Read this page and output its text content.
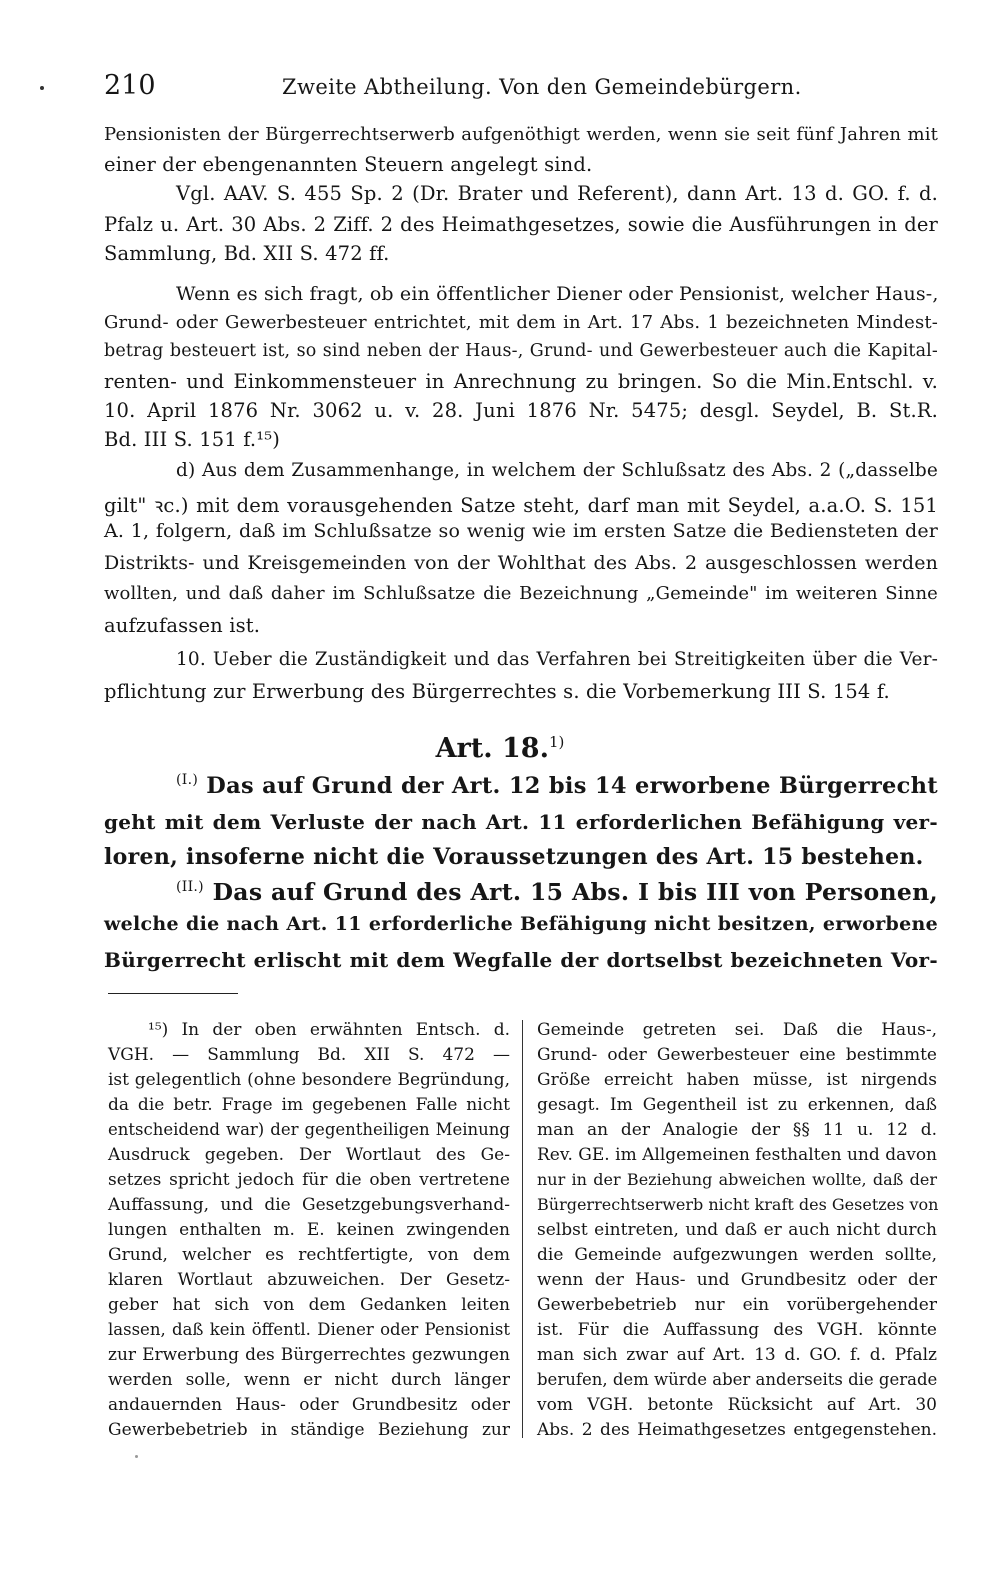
210	Zweite Abtheilung. Von den Gemeindebürgern.
Pensionisten der Bürgerrechtserwerb aufgenöthigt werden, wenn sie seit fünf Jahren mit
einer der ebengenannten Steuern angelegt sind.
Vgl. AAV. S. 455 Sp. 2 (Dr. Brater und Referent), dann Art. 13 d. GO. f. d.
Pfalz u. Art. 30 Abs. 2 Ziff. 2 des Heimathgesetzes, sowie die Ausführungen in der
Sammlung, Bd. XII S. 472 ff.
Wenn es sich fragt, ob ein öffentlicher Diener oder Pensionist, welcher Haus-,
Grund- oder Gewerbesteuer entrichtet, mit dem in Art. 17 Abs. 1 bezeichneten Mindest-
betrag besteuert ist, so sind neben der Haus-, Grund- und Gewerbesteuer auch die Kapital-
renten- und Einkommensteuer in Anrechnung zu bringen. So die Min.Entschl. v.
10. April 1876 Nr. 3062 u. v. 28. Juni 1876 Nr. 5475; desgl. Seydel, B. St.R.
Bd. III S. 151 f.¹⁵)
d) Aus dem Zusammenhange, in welchem der Schlußsatz des Abs. 2 („dasselbe
gilt" ꝛc.) mit dem vorausgehenden Satze steht, darf man mit Seydel, a.a.O. S. 151
A. 1, folgern, daß im Schlußsatze so wenig wie im ersten Satze die Bediensteten der
Distrikts- und Kreisgemeinden von der Wohlthat des Abs. 2 ausgeschlossen werden
wollten, und daß daher im Schlußsatze die Bezeichnung „Gemeinde" im weiteren Sinne
aufzufassen ist.
10. Ueber die Zuständigkeit und das Verfahren bei Streitigkeiten über die Ver-
pflichtung zur Erwerbung des Bürgerrechtes s. die Vorbemerkung III S. 154 f.
Art. 18.$^{1)}$
$^{(I.)}$ Das auf Grund der Art. 12 bis 14 erworbene Bürgerrecht
geht mit dem Verluste der nach Art. 11 erforderlichen Befähigung ver-
loren, insoferne nicht die Voraussetzungen des Art. 15 bestehen.
$^{(II.)}$ Das auf Grund des Art. 15 Abs. I bis III von Personen,
welche die nach Art. 11 erforderliche Befähigung nicht besitzen, erworbene
Bürgerrecht erlischt mit dem Wegfalle der dortselbst bezeichneten Vor-
¹⁵) In der oben erwähnten Entsch. d.
VGH. — Sammlung Bd. XII S. 472 —
ist gelegentlich (ohne besondere Begründung,
da die betr. Frage im gegebenen Falle nicht
entscheidend war) der gegentheiligen Meinung
Ausdruck gegeben. Der Wortlaut des Ge-
setzes spricht jedoch für die oben vertretene
Auffassung, und die Gesetzgebungsverhand-
lungen enthalten m. E. keinen zwingenden
Grund, welcher es rechtfertigte, von dem
klaren Wortlaut abzuweichen. Der Gesetz-
geber hat sich von dem Gedanken leiten
lassen, daß kein öffentl. Diener oder Pensionist
zur Erwerbung des Bürgerrechtes gezwungen
werden solle, wenn er nicht durch länger
andauernden Haus- oder Grundbesitz oder
Gewerbebetrieb in ständige Beziehung zur
Gemeinde getreten sei. Daß die Haus-,
Grund- oder Gewerbesteuer eine bestimmte
Größe erreicht haben müsse, ist nirgends
gesagt. Im Gegentheil ist zu erkennen, daß
man an der Analogie der §§ 11 u. 12 d.
Rev. GE. im Allgemeinen festhalten und davon
nur in der Beziehung abweichen wollte, daß der
Bürgerrechtserwerb nicht kraft des Gesetzes von
selbst eintreten, und daß er auch nicht durch
die Gemeinde aufgezwungen werden sollte,
wenn der Haus- und Grundbesitz oder der
Gewerbebetrieb nur ein vorübergehender
ist. Für die Auffassung des VGH. könnte
man sich zwar auf Art. 13 d. GO. f. d. Pfalz
berufen, dem würde aber anderseits die gerade
vom VGH. betonte Rücksicht auf Art. 30
Abs. 2 des Heimathgesetzes entgegenstehen.
